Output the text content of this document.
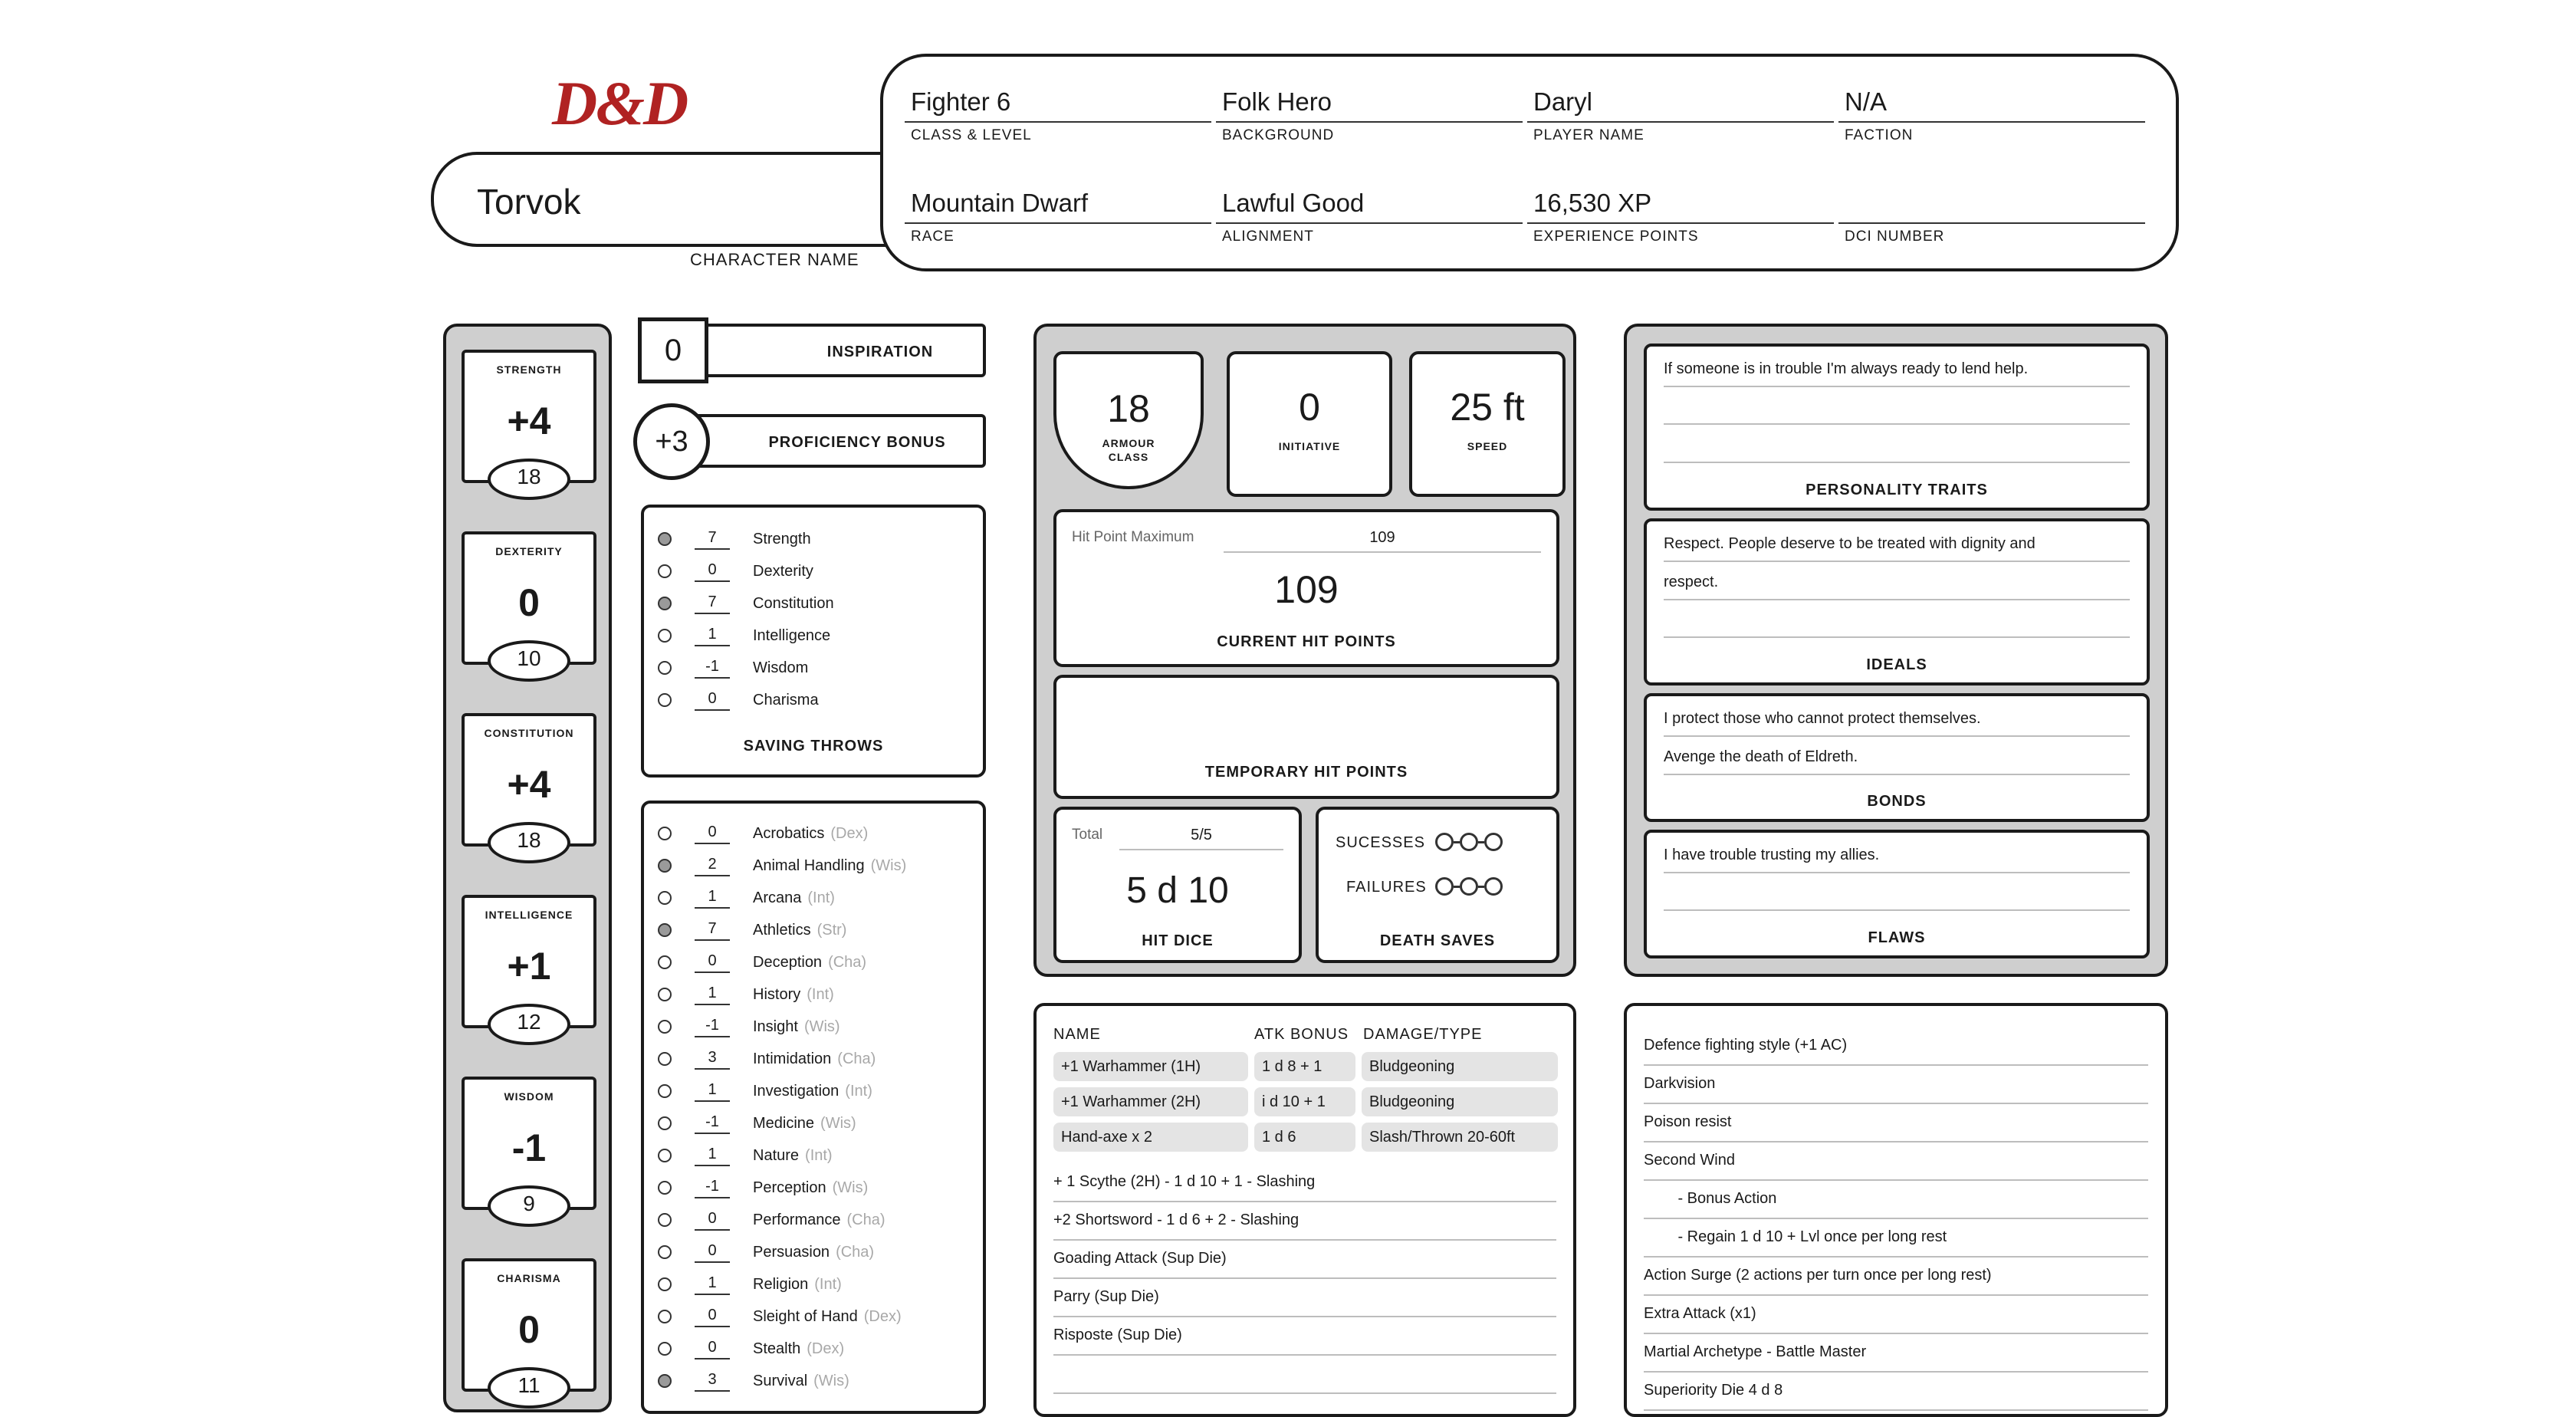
D&D
Torvok
CHARACTER NAME
Fighter 6
CLASS & LEVEL
Folk Hero
BACKGROUND
Daryl
PLAYER NAME
N/A
FACTION
Mountain Dwarf
RACE
Lawful Good
ALIGNMENT
16,530 XP
EXPERIENCE POINTS	DCI NUMBER
STRENGTH
+4
18
DEXTERITY
0
10
CONSTITUTION
+4
18
INTELLIGENCE
+1
12
WISDOM
-1
9
CHARISMA
0
11
INSPIRATION
0
PROFICIENCY BONUS
+3
7	Strength
0	Dexterity
7	Constitution
1	Intelligence
-1	Wisdom
0	Charisma
SAVING THROWS
0	Acrobatics (Dex)
2	Animal Handling (Wis)
1	Arcana (Int)
7	Athletics (Str)
0	Deception (Cha)
1	History (Int)
-1	Insight (Wis)
3	Intimidation (Cha)
1	Investigation (Int)
-1	Medicine (Wis)
1	Nature (Int)
-1	Perception (Wis)
0	Performance (Cha)
0	Persuasion (Cha)
1	Religion (Int)
0	Sleight of Hand (Dex)
0	Stealth (Dex)
3	Survival (Wis)
18
ARMOUR
CLASS
0
INITIATIVE
25 ft
SPEED
Hit Point Maximum	109
109
CURRENT HIT POINTS
TEMPORARY HIT POINTS
Total	5/5
5 d 10
HIT DICE
SUCESSES
FAILURES
DEATH SAVES
NAME	ATK BONUS DAMAGE/TYPE
+1 Warhammer (1H)	1 d 8 + 1	Bludgeoning
+1 Warhammer (2H)	i d 10 + 1	Bludgeoning
Hand-axe x 2	1 d 6	Slash/Thrown 20-60ft
+ 1 Scythe (2H) - 1 d 10 + 1 - Slashing
+2 Shortsword - 1 d 6 + 2 - Slashing
Goading Attack (Sup Die)
Parry (Sup Die)
Risposte (Sup Die)
If someone is in trouble I'm always ready to lend help.
PERSONALITY TRAITS
Respect. People deserve to be treated with dignity and
respect.
IDEALS
I protect those who cannot protect themselves.
Avenge the death of Eldreth.
BONDS
I have trouble trusting my allies.
FLAWS
Defence fighting style (+1 AC)
Darkvision
Poison resist
Second Wind
- Bonus Action
- Regain 1 d 10 + Lvl once per long rest
Action Surge (2 actions per turn once per long rest)
Extra Attack (x1)
Martial Archetype - Battle Master
Superiority Die 4 d 8
